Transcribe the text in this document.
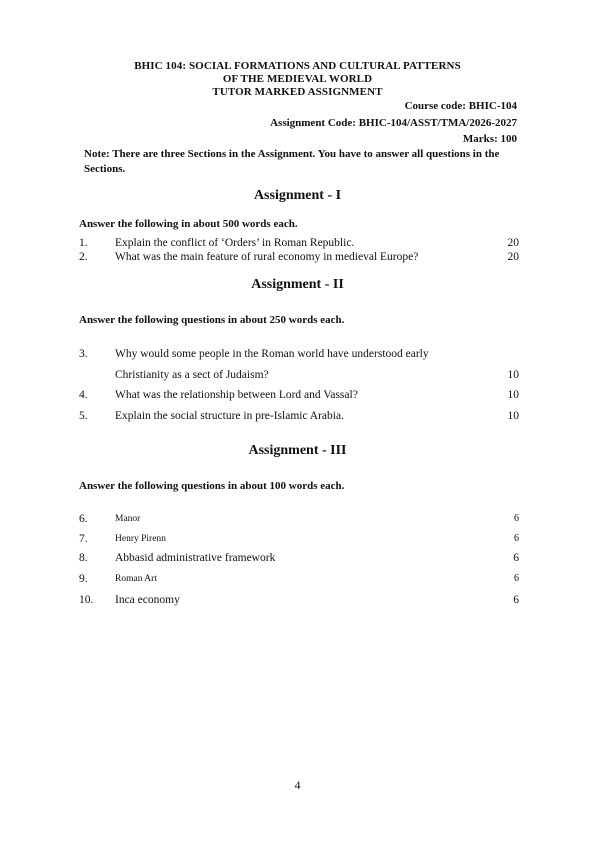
BHIC 104: SOCIAL FORMATIONS AND CULTURAL PATTERNS
OF THE MEDIEVAL WORLD
TUTOR MARKED ASSIGNMENT
Course code: BHIC-104
Assignment Code: BHIC-104/ASST/TMA/2026-2027
Marks: 100
Note: There are three Sections in the Assignment. You have to answer all questions in the Sections.
Assignment - I
Answer the following in about 500 words each.
1. Explain the conflict of ‘Orders’ in Roman Republic.	20
2. What was the main feature of rural economy in medieval Europe?	20
Assignment - II
Answer the following questions in about 250 words each.
3. Why would some people in the Roman world have understood early
Christianity as a sect of Judaism?	10
4. What was the relationship between Lord and Vassal?	10
5. Explain the social structure in pre-Islamic Arabia.	10
Assignment - III
Answer the following questions in about 100 words each.
6.	Manor	6
7.	Henry Pirenn	6
8. Abbasid administrative framework	6
9.	Roman Art	6
10. Inca economy	6
4
